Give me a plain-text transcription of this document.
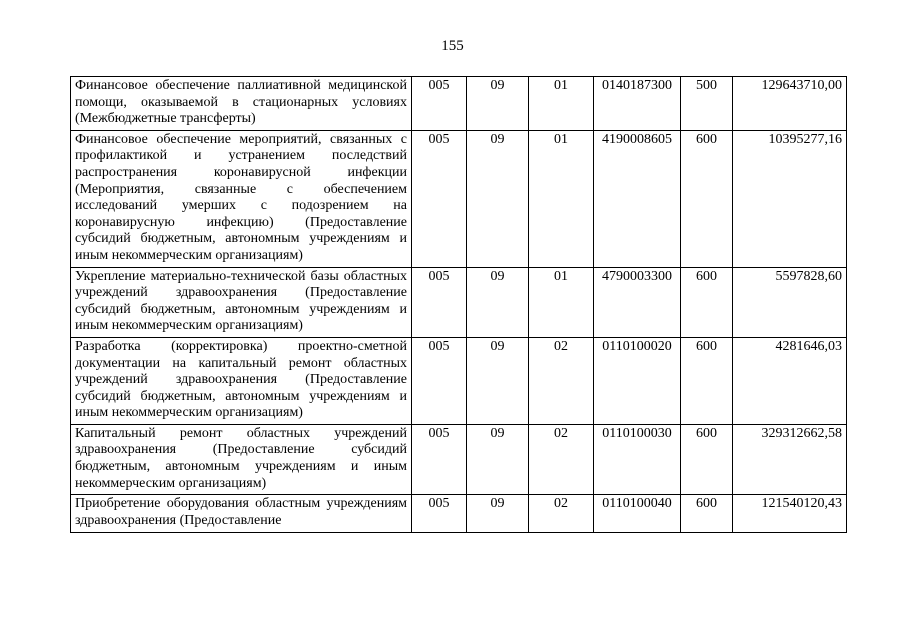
155
Финансовое обеспечение паллиативной медицинской помощи, оказываемой в стационарных условиях (Межбюджетные трансферты)	005	09	01	0140187300	500	129643710,00
Финансовое обеспечение мероприятий, связанных с профилактикой и устранением последствий распространения коронавирусной инфекции (Мероприятия, связанные с обеспечением исследований умерших с подозрением на коронавирусную инфекцию) (Предоставление субсидий бюджетным, автономным учреждениям и иным некоммерческим организациям)	005	09	01	4190008605	600	10395277,16
Укрепление материально-технической базы областных учреждений здравоохранения (Предоставление субсидий бюджетным, автономным учреждениям и иным некоммерческим организациям)	005	09	01	4790003300	600	5597828,60
Разработка (корректировка) проектно-сметной документации на капитальный ремонт областных учреждений здравоохранения (Предоставление субсидий бюджетным, автономным учреждениям и иным некоммерческим организациям)	005	09	02	0110100020	600	4281646,03
Капитальный ремонт областных учреждений здравоохранения (Предоставление субсидий бюджетным, автономным учреждениям и иным некоммерческим организациям)	005	09	02	0110100030	600	329312662,58

Приобретение оборудования областным учреждениям здравоохранения (Предоставление	005	09	02	0110100040	600	121540120,43
